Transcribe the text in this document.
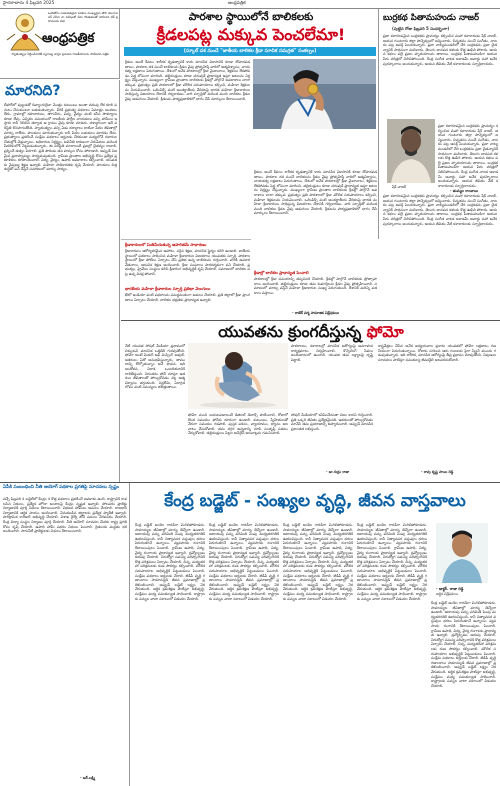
హైదరాబాదు 4 ఫిబ్రవరి 2025	అంధ్రపత్రిక
ఒకరితోను సంకుచితమైన సరకుల ముఖ్యమైన తొలి వెలుగులనర్ చేసిన నా విశేషంతో నేడు గొంతుకలతో విరిసినద దేశ్ ప్రధానులకు శుభ
ఆంధ్రపత్రిక
స్వాతంత్య్రం సిద్ధించేనాటికి స్వరాజ్య వార్తల ప్రచురణ రాజకీయాలను పాటించిన పత్రిక
మారనిది?
బీహార్‌లో పుట్టుకతో దివ్యాంగులైనా మొత్తం కుటుంబం అంతా చదువు లేక కూలి పనులు చేసుకుంటూ బతుకుతున్నారు. వీరికి ప్రభుత్వ పథకాలు ఏమాత్రం అందటం లేదు. గ్రామాల్లో రహదారులు, తాగునీరు, విద్య, వైద్యం వంటి కనీస సౌకర్యాలు కూడా లేవు. ఎన్నికల సమయంలో రాజకీయ పార్టీల నాయకులు వచ్చి హామీలు ఇస్తారు కానీ గెలిచిన తర్వాత ఆ గ్రామం వైపు కూడా చూడరు. దశాబ్దాలుగా ఇదే పరిస్థితి కొనసాగుతోంది. స్వాతంత్య్రం వచ్చి ఏడు దశాబ్దాలు దాటినా పేదల జీవితాల్లో మార్పు రాలేదు. పాలకులు మారుతున్నారు కానీ పేదల బతుకులు మారడం లేదు. ప్రభుత్వాలు ప్రకటించే సంక్షేమ పథకాలు అర్హులకు చేరకుండా మధ్యలోనే దళారుల చేతుల్లోకి వెళ్తున్నాయి. అధికారుల నిర్లక్ష్యం, అవినీతి కారణంగా నిరుపేదలు మరింత పేదరికంలోకి నెట్టబడుతున్నారు. ఈ పరిస్థితి మారాలంటే ప్రజల్లో చైతన్యం రావాలి. ప్రశ్నించే తత్వం పెరగాలి. ప్రతి పౌరుడు తన హక్కుల కోసం పోరాడాలి. అప్పుడే నిజమైన ప్రజాస్వామ్యం సాధ్యమవుతుంది. గ్రామీణ ప్రాంతాల అభివృద్ధి కోసం ప్రత్యేక ప్రణాళికలు రూపొందించాలి. విద్య, వైద్యం, ఉపాధి అవకాశాలు కల్పించాలి. యువతకు నైపుణ్య శిక్షణ ఇవ్వాలి. మహిళా సాధికారతకు కృషి చేయాలి. పాలకులు చిత్తశుద్ధితో పని చేస్తేనే సమాజంలో మార్పు సాధ్యం.
పారశాల స్థాయిలోనే బాలికలకు
క్రీడలపట్ల మక్కువ పెంచలేమా!
(స్కూల్ దశ నుంచే "జాతీయ బాలికల క్రీడా సూచిక సమగ్రత" సంకల్పం)
క్రీడలు అంటే కేవలం శారీరక దృఢత్వానికే కాదు మానసిక వికాసానికి కూడా దోహదపడతాయి. పాఠశాల దశ నుంచే బాలికలను క్రీడల వైపు ప్రోత్సహిస్తే వారిలో ఆత్మవిశ్వాసం, నాయకత్వ లక్షణాలు పెరుగుతాయి. దేశంలో అనేక పాఠశాలల్లో క్రీడా మైదానాలు, శిక్షకులు లేకపోవడం పెద్ద లోపంగా మారింది. తల్లిదండ్రులు కూడా చదువుకే ప్రాధాన్యత ఇస్తూ ఆటలను నిర్లక్ష్యం చేస్తున్నారు. ముఖ్యంగా గ్రామీణ ప్రాంతాల బాలికలకు క్రీడల్లో పాల్గొనే అవకాశాలు చాలా తక్కువ. ప్రభుత్వం ప్రతి పాఠశాలలో క్రీడా మౌలిక సదుపాయాలు కల్పించి, మహిళా శిక్షకులను నియమించాలి. ఒలింపిక్స్ వంటి అంతర్జాతీయ వేదికలపై భారత మహిళా క్రీడాకారులు సాధిస్తున్న విజయాలు దేశానికి గర్వకారణం. వారి స్ఫూర్తితో మరింత మంది బాలికలు క్రీడల వైపు అడుగులు వేయాలి. క్రీడలను పాఠ్యప్రణాళికలో భాగం చేసి మార్కులు కేటాయించాలి.
క్రీడాకారులలో మితిమీరుతున్న ఆహరితమే సాధారణం
క్రీడాకారులు ఆరోగ్యకరమైన ఆహారం, సరైన శిక్షణ, మానసిక స్థైర్యం కలిగి ఉండాలి. జాతీయ స్థాయిలో పతకాలు సాధించిన మహిళా క్రీడాకారుల విజయాలు యువతకు స్ఫూర్తి. పాఠశాల స్థాయిలో క్రీడా పోటీలు ఏర్పాటు చేసి ప్రతిభ ఉన్న బాలికలను గుర్తించాలి. వారికి ఉపకార వేతనాలు, ఆధునిక శిక్షణ అందించాలి. క్రీడా సంఘాలు పారదర్శకంగా పని చేయాలి. ప్రభుత్వం, ప్రైవేటు సంస్థలు కలిసి క్రీడారంగ అభివృద్ధికి కృషి చేయాలి. సమాజంలో బాలికల పట్ల ఉన్న వివక్ష పోవాలి.
భారతీయ మహిళా క్రీడాకారుల స్ఫూర్తి ప్రతిభా వెలుగులు
ఖేలో ఇండియా వంటి పథకాలను సమర్థవంతంగా అమలు చేయాలి. ప్రతి జిల్లాలో క్రీడా ప్రాంగణాలు ఏర్పాటు చేయాలి. బాలికల భద్రతకు ప్రాధాన్యత ఇవ్వాలి.
క్రీడలు అంటే కేవలం శారీరక దృఢత్వానికే కాదు మానసిక వికాసానికి కూడా దోహదపడతాయి. పాఠశాల దశ నుంచే బాలికలను క్రీడల వైపు ప్రోత్సహిస్తే వారిలో ఆత్మవిశ్వాసం, నాయకత్వ లక్షణాలు పెరుగుతాయి. దేశంలో అనేక పాఠశాలల్లో క్రీడా మైదానాలు, శిక్షకులు లేకపోవడం పెద్ద లోపంగా మారింది. తల్లిదండ్రులు కూడా చదువుకే ప్రాధాన్యత ఇస్తూ ఆటలను నిర్లక్ష్యం చేస్తున్నారు. ముఖ్యంగా గ్రామీణ ప్రాంతాల బాలికలకు క్రీడల్లో పాల్గొనే అవకాశాలు చాలా తక్కువ. ప్రభుత్వం ప్రతి పాఠశాలలో క్రీడా మౌలిక సదుపాయాలు కల్పించి, మహిళా శిక్షకులను నియమించాలి. ఒలింపిక్స్ వంటి అంతర్జాతీయ వేదికలపై భారత మహిళా క్రీడాకారులు సాధిస్తున్న విజయాలు దేశానికి గర్వకారణం. వారి స్ఫూర్తితో మరింత మంది బాలికలు క్రీడల వైపు అడుగులు వేయాలి. క్రీడలను పాఠ్యప్రణాళికలో భాగం చేసి మార్కులు కేటాయించాలి.
క్రీడాల్లో బాలికల ప్రాధాన్యత పెంచాలి
పాఠశాలల్లో క్రీడా సమయాన్ని తప్పనిసరి చేయాలి. క్రీడల్లో పాల్గొనే బాలికలకు ప్రోత్సాహకాలు అందించాలి. తల్లిదండ్రులు కూడా తమ కుమార్తెలను క్రీడల వైపు ప్రోత్సహించాలి. సమాజంలో మార్పు వస్తేనే మహిళా క్రీడాకారుల సంఖ్య పెరుగుతుంది. దేశానికి మరిన్ని పతకాలు వస్తాయి.
- రాజేశ్ వర్మ సామాజిక విశ్లేషకులు
బుర్రకథ పితామహుడు నాజర్
(పుట్టిన రోజు ఫిబ్రవరి 5 సందర్భంగా)
ప్రజా కళారూపమైన బుర్రకథకు ప్రాచుర్యం కల్పించిన మహా కళాకారుడు షేక్ నాజర్. ఆయన గుంటూరు జిల్లా పొన్నెకల్లులో జన్మించారు. చిన్నతనం నుంచే సంగీతం, నాటకం పట్ల ఆసక్తి పెంచుకున్నారు. ప్రజా నాట్యమండలిలో చేరి బుర్రకథను ప్రజా చైతన్యానికి సాధనంగా మలిచారు. తెలుగు జానపద కళలకు కొత్త ఊపిరి పోశారు. ఆయన కథలు పల్లె ప్రజల హృదయాలను తాకాయి. బుర్రకథ పితామహుడిగా ఆయన పేరు చరిత్రలో నిలిచిపోయింది. కేంద్ర సంగీత నాటక అకాడమీ అవార్డు సహా అనేక పురస్కారాలు అందుకున్నారు. ఆయన జీవితం నేటి కళాకారులకు స్ఫూర్తిదాయకం.
షేక్ నాజర్
ప్రజా కళారూపమైన బుర్రకథకు ప్రాచుర్యం కల్పించిన మహా కళాకారుడు షేక్ నాజర్. ఆయన గుంటూరు జిల్లా పొన్నెకల్లులో జన్మించారు. చిన్నతనం నుంచే సంగీతం, నాటకం పట్ల ఆసక్తి పెంచుకున్నారు. ప్రజా నాట్యమండలిలో చేరి బుర్రకథను ప్రజా చైతన్యానికి సాధనంగా మలిచారు. తెలుగు జానపద కళలకు కొత్త ఊపిరి పోశారు. ఆయన కథలు పల్లె ప్రజల హృదయాలను తాకాయి. బుర్రకథ పితామహుడిగా ఆయన పేరు చరిత్రలో నిలిచిపోయింది. కేంద్ర సంగీత నాటక అకాడమీ అవార్డు సహా అనేక పురస్కారాలు అందుకున్నారు. ఆయన జీవితం నేటి కళాకారులకు స్ఫూర్తిదాయకం.
- తుమ్మల రాంబాబు
ప్రజా కళారూపమైన బుర్రకథకు ప్రాచుర్యం కల్పించిన మహా కళాకారుడు షేక్ నాజర్. ఆయన గుంటూరు జిల్లా పొన్నెకల్లులో జన్మించారు. చిన్నతనం నుంచే సంగీతం, నాటకం పట్ల ఆసక్తి పెంచుకున్నారు. ప్రజా నాట్యమండలిలో చేరి బుర్రకథను ప్రజా చైతన్యానికి సాధనంగా మలిచారు. తెలుగు జానపద కళలకు కొత్త ఊపిరి పోశారు. ఆయన కథలు పల్లె ప్రజల హృదయాలను తాకాయి. బుర్రకథ పితామహుడిగా ఆయన పేరు చరిత్రలో నిలిచిపోయింది. కేంద్ర సంగీత నాటక అకాడమీ అవార్డు సహా అనేక పురస్కారాలు అందుకున్నారు. ఆయన జీవితం నేటి కళాకారులకు స్ఫూర్తిదాయకం.
యువతను క్రుంగదీస్తున్న ఫోమో
నేటి యువత సోషల్ మీడియా ప్రభావంలో చిక్కుకుని మానసిక ఒత్తిడికి గురవుతోంది. ఫోమో అంటే ఫియర్ ఆఫ్ మిస్సింగ్ అవుట్. ఇతరులు ఏదో అనుభవిస్తున్నారు, తాము దాన్ని కోల్పోతున్నాం అనే భావన. ఇది ఆందోళన, నిరాశ, ఒంటరితనానికి దారితీస్తుంది. నిరంతరం ఫోన్ చూస్తూ ఇతరుల జీవితాలతో పోల్చుకోవడం వల్ల ఆత్మవిశ్వాసం తగ్గుతుంది. నిద్రలేమి, ఏకాగ్రత లోపం వంటి సమస్యలు తలెత్తుతాయి.
ఫోమో నుంచి బయటపడాలంటే డిజిటల్ డిటాక్స్ పాటించాలి. రోజులో కొంత సమయం ఫోన్‌కు దూరంగా ఉండాలి. కుటుంబం, స్నేహితులతో నేరుగా సమయం గడపాలి. పుస్తక పఠనం, వ్యాయామం, ధ్యానం అలవాటు చేసుకోవాలి. తమ దగ్గర ఉన్నదాన్ని చూసి సంతృప్తి పడటం నేర్చుకోవాలి. తల్లిదండ్రులు పిల్లల ఆన్‌లైన్ అలవాట్లను గమనించాలి.
పాఠశాలలు, కళాశాలల్లో మానసిక ఆరోగ్యంపై అవగాహన కార్యక్రమాలు నిర్వహించాలి. కౌన్సెలింగ్ సేవలు అందుబాటులో ఉంచాలి. యువత తమ లక్ష్యాలపై దృష్టి పెట్టాలి.
సోషల్ మీడియాలో కనిపించేదంతా నిజం కాదని గుర్తించాలి. ప్రతి ఒక్కరి జీవితం ప్రత్యేకమైనది. ఇతరులతో పోల్చుకోవడం మానేసి తమ ప్రయాణాన్ని ఆస్వాదించాలి. అప్పుడే మానసిక ప్రశాంతత లభిస్తుంది.
- డా.గుర్రం రాజు
శాస్త్రవేత్తలు చేసిన అనేక అధ్యయనాల ప్రకారం యువతలో ఫోమో లక్షణాలు గణనీయంగా పెరుగుతున్నాయి. రోజుకు సగటున ఆరు గంటలకు పైగా స్క్రీన్ ముందు గడుపుతున్నారు. ఇది శారీరక, మానసిక ఆరోగ్యంపై తీవ్ర ప్రభావం చూపుతోంది. నిపుణుల సూచనలు పాటిస్తూ సమతుల్య జీవనశైలి అలవరచుకోవాలి.
- రావు కృష్ణ సాయి రెడ్డి
ఏపీకి సంబంధించి నీతి ఆయోగ్ పథకాల ప్రగతిపై సూచనలు స్పష్టం
వచ్చే ఫిబ్రవరి 4 బడ్జెట్‌లో కేంద్రం 4 కొత్త పథకాలు ప్రకటించే అవకాశం ఉంది. రాష్ట్రానికి రావలసిన నిధులు, ప్రత్యేక హోదా అంశాలపై కేంద్రం స్పష్టత ఇవ్వాలి. పోలవరం ప్రాజెక్టు నిర్మాణానికి పూర్తి నిధులు కేటాయించాలి. విభజన హామీలు అమలు చేయాలి. రాజధాని నిర్మాణానికి ఆర్థిక సాయం అందించాలి. వెనుకబడిన జిల్లాలకు ప్రత్యేక ప్యాకేజీ ఇవ్వాలి. పారిశ్రామిక కారిడార్ అభివృద్ధి చేయాలి. విశాఖ రైల్వే జోన్ పనులు వేగవంతం చేయాలి. కేంద్ర విద్యా సంస్థల నిర్మాణం పూర్తి చేయాలి. నీతి ఆయోగ్ సూచనల మేరకు రాష్ట్ర ప్రగతి కోసం కృషి చేయాలి. ఉపాధి హామీ పథకం నిధులు పెంచాలి. రైతులకు మద్దతు ధర అందించాలి. సాగునీటి ప్రాజెక్టులకు నిధులు కేటాయించాలి.
- ఆర్.లక్ష్మి
కేంద్ర బడ్జెట్ - సంఖ్యల వృద్ధి, జీవన వాస్తవాలు
కేంద్ర బడ్జెట్ అంకెల గారడీగా మిగిలిపోకూడదు. సామాన్యుల జీవితాల్లో మార్పు తెచ్చేలా ఉండాలి. ఆదాయపు పన్ను పరిమితి పెంపు మధ్యతరగతికి ఊరటనిస్తుంది. కానీ నిత్యావసర వస్తువుల ధరలు పెరుగుతూనే ఉన్నాయి. వ్యవసాయ రంగానికి కేటాయింపులు పెంచాలి. గ్రామీణ ఉపాధి, విద్య, వైద్య రంగాలకు ప్రాధాన్యత ఇవ్వాలి. ద్రవ్యోల్బణం అదుపు చేయాలి. నిరుద్యోగ సమస్య పరిష్కారానికి కొత్త పరిశ్రమలు ఏర్పాటు చేయాలి. చిన్న, మధ్యతరహా పరిశ్రమలకు రుణ సౌకర్యం కల్పించాలి. మౌలిక సదుపాయాల అభివృద్ధికి పెట్టుబడులు పెంచాలి. సంక్షేమ పథకాలు అర్హులకు చేరాలి. జీడీపీ వృద్ధి గణాంకాలు సామాన్యుడి జీవన ప్రమాణాల్లో ప్రతిబింబించాలి. అప్పుడే బడ్జెట్ లక్ష్యం నెరవేరుతుంది. ఆర్థిక క్రమశిక్షణ పాటిస్తూ అభివృద్ధి, సంక్షేమం మధ్య సమతుల్యత సాధించాలి. రాష్ట్రాలకు పన్నుల వాటా సకాలంలో విడుదల చేయాలి.
కేంద్ర బడ్జెట్ అంకెల గారడీగా మిగిలిపోకూడదు. సామాన్యుల జీవితాల్లో మార్పు తెచ్చేలా ఉండాలి. ఆదాయపు పన్ను పరిమితి పెంపు మధ్యతరగతికి ఊరటనిస్తుంది. కానీ నిత్యావసర వస్తువుల ధరలు పెరుగుతూనే ఉన్నాయి. వ్యవసాయ రంగానికి కేటాయింపులు పెంచాలి. గ్రామీణ ఉపాధి, విద్య, వైద్య రంగాలకు ప్రాధాన్యత ఇవ్వాలి. ద్రవ్యోల్బణం అదుపు చేయాలి. నిరుద్యోగ సమస్య పరిష్కారానికి కొత్త పరిశ్రమలు ఏర్పాటు చేయాలి. చిన్న, మధ్యతరహా పరిశ్రమలకు రుణ సౌకర్యం కల్పించాలి. మౌలిక సదుపాయాల అభివృద్ధికి పెట్టుబడులు పెంచాలి. సంక్షేమ పథకాలు అర్హులకు చేరాలి. జీడీపీ వృద్ధి గణాంకాలు సామాన్యుడి జీవన ప్రమాణాల్లో ప్రతిబింబించాలి. అప్పుడే బడ్జెట్ లక్ష్యం నెరవేరుతుంది. ఆర్థిక క్రమశిక్షణ పాటిస్తూ అభివృద్ధి, సంక్షేమం మధ్య సమతుల్యత సాధించాలి. రాష్ట్రాలకు పన్నుల వాటా సకాలంలో విడుదల చేయాలి.
కేంద్ర బడ్జెట్ అంకెల గారడీగా మిగిలిపోకూడదు. సామాన్యుల జీవితాల్లో మార్పు తెచ్చేలా ఉండాలి. ఆదాయపు పన్ను పరిమితి పెంపు మధ్యతరగతికి ఊరటనిస్తుంది. కానీ నిత్యావసర వస్తువుల ధరలు పెరుగుతూనే ఉన్నాయి. వ్యవసాయ రంగానికి కేటాయింపులు పెంచాలి. గ్రామీణ ఉపాధి, విద్య, వైద్య రంగాలకు ప్రాధాన్యత ఇవ్వాలి. ద్రవ్యోల్బణం అదుపు చేయాలి. నిరుద్యోగ సమస్య పరిష్కారానికి కొత్త పరిశ్రమలు ఏర్పాటు చేయాలి. చిన్న, మధ్యతరహా పరిశ్రమలకు రుణ సౌకర్యం కల్పించాలి. మౌలిక సదుపాయాల అభివృద్ధికి పెట్టుబడులు పెంచాలి. సంక్షేమ పథకాలు అర్హులకు చేరాలి. జీడీపీ వృద్ధి గణాంకాలు సామాన్యుడి జీవన ప్రమాణాల్లో ప్రతిబింబించాలి. అప్పుడే బడ్జెట్ లక్ష్యం నెరవేరుతుంది. ఆర్థిక క్రమశిక్షణ పాటిస్తూ అభివృద్ధి, సంక్షేమం మధ్య సమతుల్యత సాధించాలి. రాష్ట్రాలకు పన్నుల వాటా సకాలంలో విడుదల చేయాలి.
కేంద్ర బడ్జెట్ అంకెల గారడీగా మిగిలిపోకూడదు. సామాన్యుల జీవితాల్లో మార్పు తెచ్చేలా ఉండాలి. ఆదాయపు పన్ను పరిమితి పెంపు మధ్యతరగతికి ఊరటనిస్తుంది. కానీ నిత్యావసర వస్తువుల ధరలు పెరుగుతూనే ఉన్నాయి. వ్యవసాయ రంగానికి కేటాయింపులు పెంచాలి. గ్రామీణ ఉపాధి, విద్య, వైద్య రంగాలకు ప్రాధాన్యత ఇవ్వాలి. ద్రవ్యోల్బణం అదుపు చేయాలి. నిరుద్యోగ సమస్య పరిష్కారానికి కొత్త పరిశ్రమలు ఏర్పాటు చేయాలి. చిన్న, మధ్యతరహా పరిశ్రమలకు రుణ సౌకర్యం కల్పించాలి. మౌలిక సదుపాయాల అభివృద్ధికి పెట్టుబడులు పెంచాలి. సంక్షేమ పథకాలు అర్హులకు చేరాలి. జీడీపీ వృద్ధి గణాంకాలు సామాన్యుడి జీవన ప్రమాణాల్లో ప్రతిబింబించాలి. అప్పుడే బడ్జెట్ లక్ష్యం నెరవేరుతుంది. ఆర్థిక క్రమశిక్షణ పాటిస్తూ అభివృద్ధి, సంక్షేమం మధ్య సమతుల్యత సాధించాలి. రాష్ట్రాలకు పన్నుల వాటా సకాలంలో విడుదల చేయాలి.
- డాక్టర్. రాజు రెడ్డి
ఆర్థిక విశ్లేషకులు
కేంద్ర బడ్జెట్ అంకెల గారడీగా మిగిలిపోకూడదు. సామాన్యుల జీవితాల్లో మార్పు తెచ్చేలా ఉండాలి. ఆదాయపు పన్ను పరిమితి పెంపు మధ్యతరగతికి ఊరటనిస్తుంది. కానీ నిత్యావసర వస్తువుల ధరలు పెరుగుతూనే ఉన్నాయి. వ్యవసాయ రంగానికి కేటాయింపులు పెంచాలి. గ్రామీణ ఉపాధి, విద్య, వైద్య రంగాలకు ప్రాధాన్యత ఇవ్వాలి. ద్రవ్యోల్బణం అదుపు చేయాలి. నిరుద్యోగ సమస్య పరిష్కారానికి కొత్త పరిశ్రమలు ఏర్పాటు చేయాలి. చిన్న, మధ్యతరహా పరిశ్రమలకు రుణ సౌకర్యం కల్పించాలి. మౌలిక సదుపాయాల అభివృద్ధికి పెట్టుబడులు పెంచాలి. సంక్షేమ పథకాలు అర్హులకు చేరాలి. జీడీపీ వృద్ధి గణాంకాలు సామాన్యుడి జీవన ప్రమాణాల్లో ప్రతిబింబించాలి. అప్పుడే బడ్జెట్ లక్ష్యం నెరవేరుతుంది. ఆర్థిక క్రమశిక్షణ పాటిస్తూ అభివృద్ధి, సంక్షేమం మధ్య సమతుల్యత సాధించాలి. రాష్ట్రాలకు పన్నుల వాటా సకాలంలో విడుదల చేయాలి.
